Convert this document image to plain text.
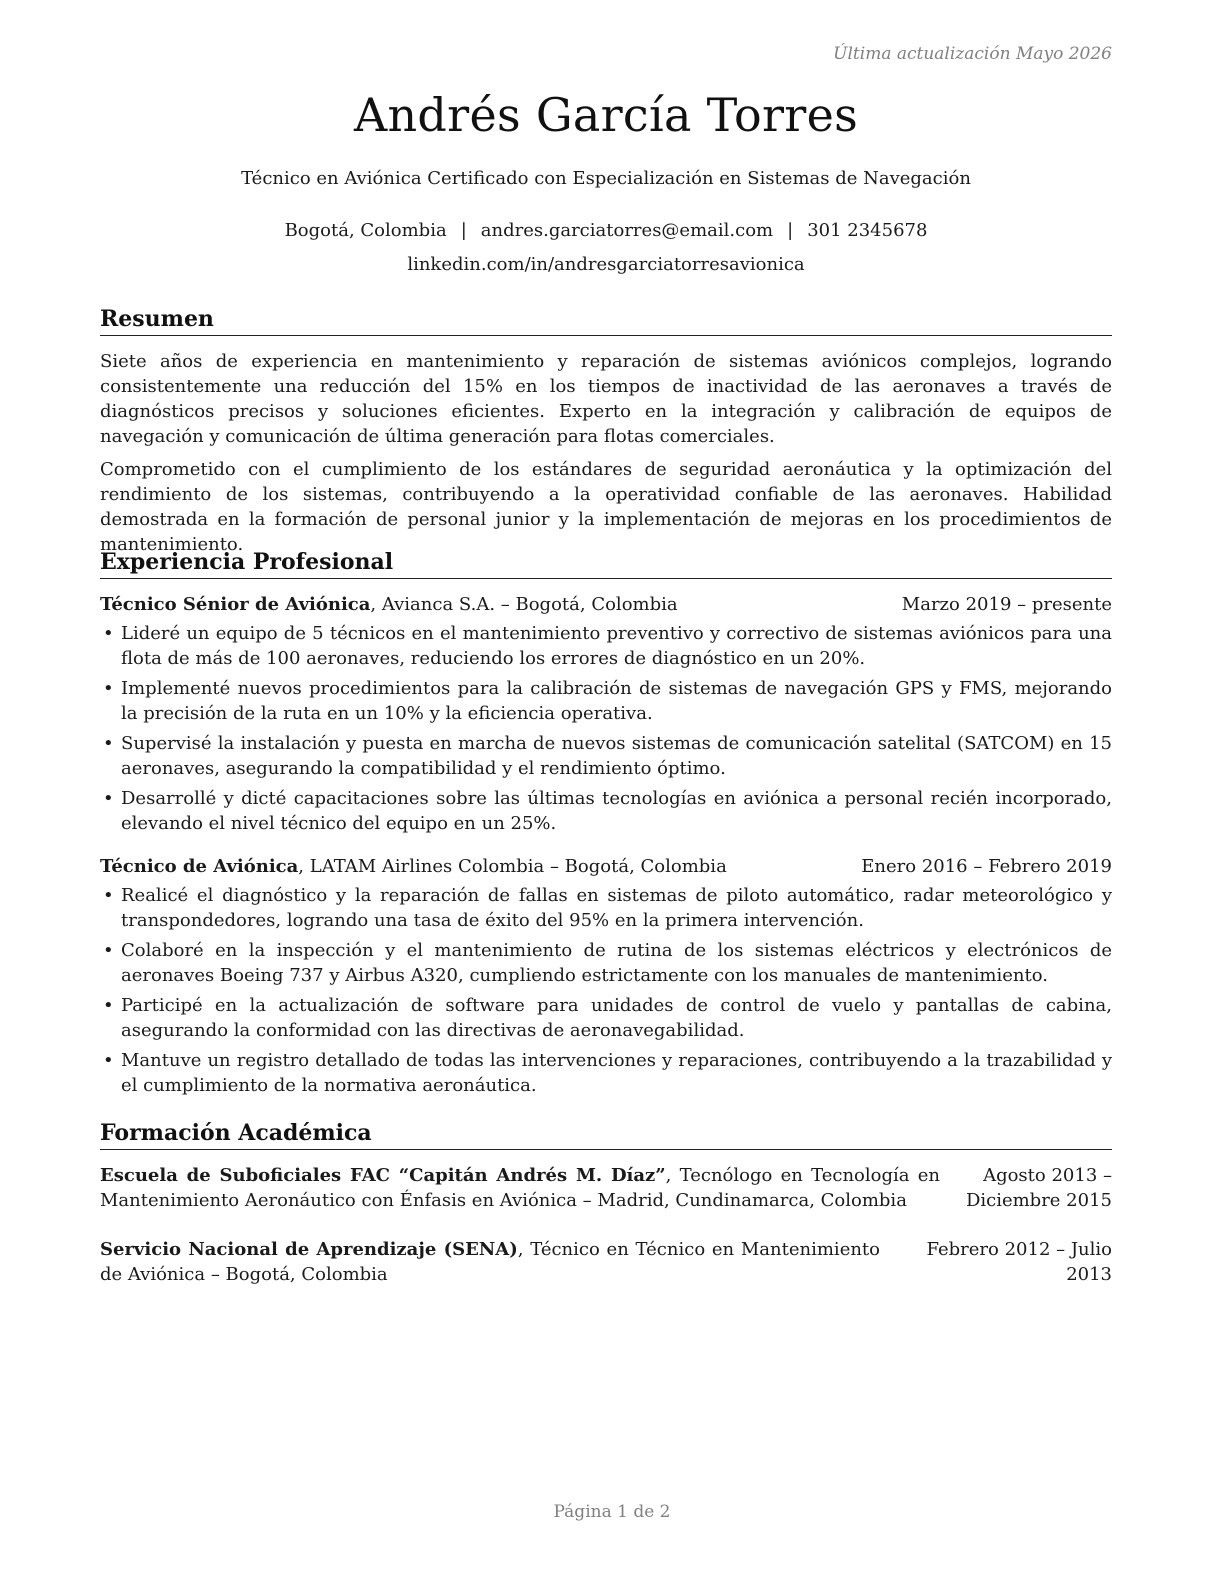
Última actualización Mayo 2026
Andrés García Torres
Técnico en Aviónica Certificado con Especialización en Sistemas de Navegación
Bogotá, Colombia | andres.garciatorres@email.com | 301 2345678
linkedin.com/in/andresgarciatorresavionica
Resumen

Siete años de experiencia en mantenimiento y reparación de sistemas aviónicos complejos, logrando consistentemente una reducción del 15% en los tiempos de inactividad de las aeronaves a través de diagnósticos precisos y soluciones eficientes. Experto en la integración y calibración de equipos de navegación y comunicación de última generación para flotas comerciales.

Comprometido con el cumplimiento de los estándares de seguridad aeronáutica y la optimización del rendimiento de los sistemas, contribuyendo a la operatividad confiable de las aeronaves. Habilidad demostrada en la formación de personal junior y la implementación de mejoras en los procedimientos de mantenimiento.

Experiencia Profesional
Técnico Sénior de Aviónica, Avianca S.A. – Bogotá, Colombia	Marzo 2019 – presente
• Lideré un equipo de 5 técnicos en el mantenimiento preventivo y correctivo de sistemas aviónicos para una flota de más de 100 aeronaves, reduciendo los errores de diagnóstico en un 20%.
• Implementé nuevos procedimientos para la calibración de sistemas de navegación GPS y FMS, mejorando la precisión de la ruta en un 10% y la eficiencia operativa.
• Supervisé la instalación y puesta en marcha de nuevos sistemas de comunicación satelital (SATCOM) en 15 aeronaves, asegurando la compatibilidad y el rendimiento óptimo.
• Desarrollé y dicté capacitaciones sobre las últimas tecnologías en aviónica a personal recién incorporado, elevando el nivel técnico del equipo en un 25%.
Técnico de Aviónica, LATAM Airlines Colombia – Bogotá, Colombia	Enero 2016 – Febrero 2019
• Realicé el diagnóstico y la reparación de fallas en sistemas de piloto automático, radar meteorológico y transpondedores, logrando una tasa de éxito del 95% en la primera intervención.
• Colaboré en la inspección y el mantenimiento de rutina de los sistemas eléctricos y electrónicos de aeronaves Boeing 737 y Airbus A320, cumpliendo estrictamente con los manuales de mantenimiento.
• Participé en la actualización de software para unidades de control de vuelo y pantallas de cabina, asegurando la conformidad con las directivas de aeronavegabilidad.
• Mantuve un registro detallado de todas las intervenciones y reparaciones, contribuyendo a la trazabilidad y el cumplimiento de la normativa aeronáutica.
Formación Académica
Escuela de Suboficiales FAC “Capitán Andrés M. Díaz”, Tecnólogo en Tecnología en Mantenimiento Aeronáutico con Énfasis en Aviónica – Madrid, Cundinamarca, Colombia
Agosto 2013 – Diciembre 2015
Servicio Nacional de Aprendizaje (SENA), Técnico en Técnico en Mantenimiento de Aviónica – Bogotá, Colombia
Febrero 2012 – Julio 2013
Página 1 de 2
